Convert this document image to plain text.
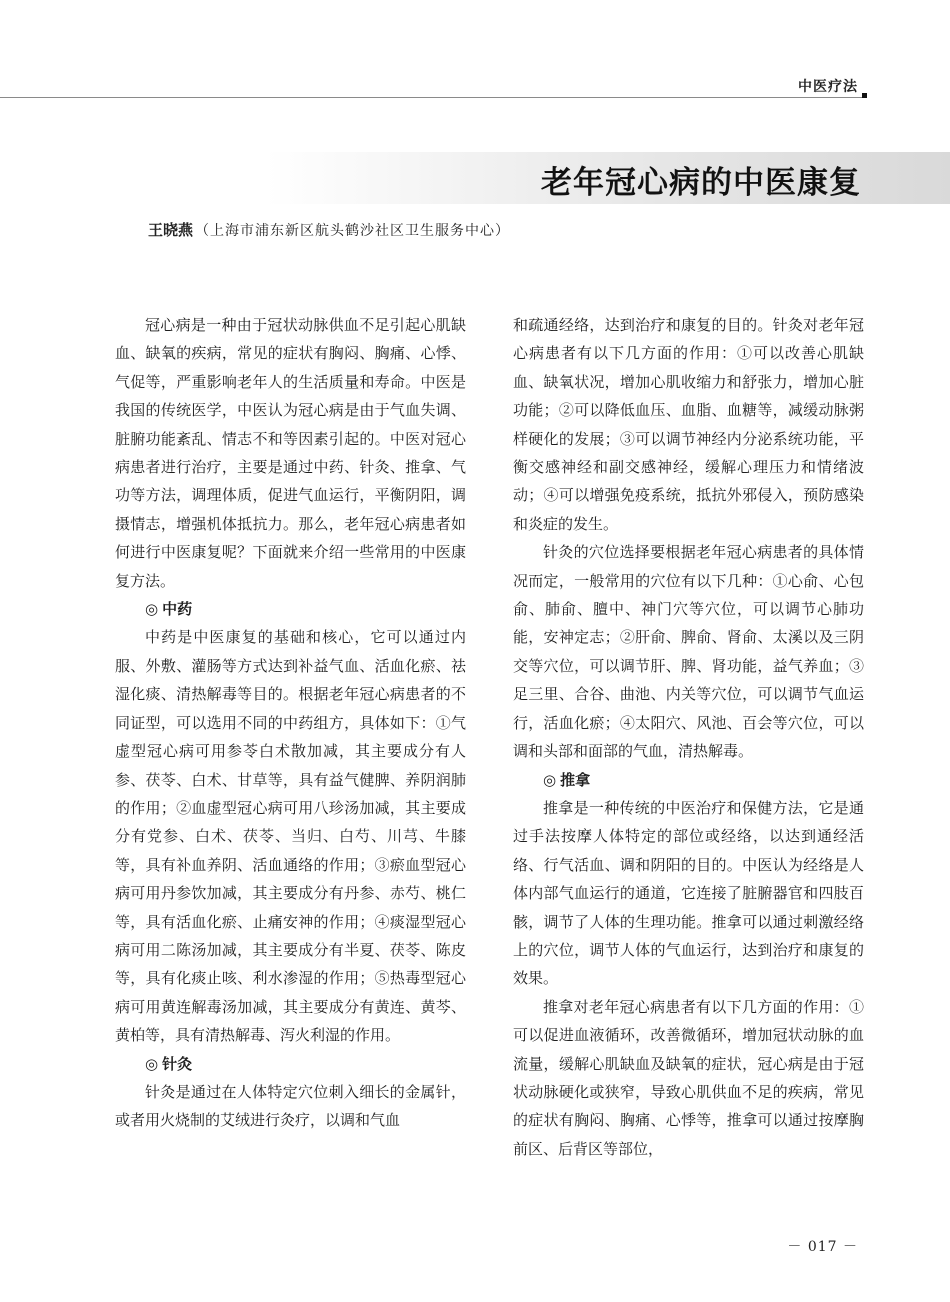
中医疗法
老年冠心病的中医康复
王晓燕 （上海市浦东新区航头鹤沙社区卫生服务中心）

冠心病是一种由于冠状动脉供血不足引起心肌缺血、缺氧的疾病，常见的症状有胸闷、胸痛、心悸、气促等，严重影响老年人的生活质量和寿命。中医是我国的传统医学，中医认为冠心病是由于气血失调、脏腑功能紊乱、情志不和等因素引起的。中医对冠心病患者进行治疗，主要是通过中药、针灸、推拿、气功等方法，调理体质，促进气血运行，平衡阴阳，调摄情志，增强机体抵抗力。那么，老年冠心病患者如何进行中医康复呢？下面就来介绍一些常用的中医康复方法。

◎ 中药

中药是中医康复的基础和核心，它可以通过内服、外敷、灌肠等方式达到补益气血、活血化瘀、祛湿化痰、清热解毒等目的。根据老年冠心病患者的不同证型，可以选用不同的中药组方，具体如下：①气虚型冠心病可用参苓白术散加减，其主要成分有人参、茯苓、白术、甘草等，具有益气健脾、养阴润肺的作用；②血虚型冠心病可用八珍汤加减，其主要成分有党参、白术、茯苓、当归、白芍、川芎、牛膝等，具有补血养阴、活血通络的作用；③瘀血型冠心病可用丹参饮加减，其主要成分有丹参、赤芍、桃仁等，具有活血化瘀、止痛安神的作用；④痰湿型冠心病可用二陈汤加减，其主要成分有半夏、茯苓、陈皮等，具有化痰止咳、利水渗湿的作用；⑤热毒型冠心病可用黄连解毒汤加减，其主要成分有黄连、黄芩、黄柏等，具有清热解毒、泻火利湿的作用。

◎ 针灸

针灸是通过在人体特定穴位刺入细长的金属针，或者用火烧制的艾绒进行灸疗，以调和气血

和疏通经络，达到治疗和康复的目的。针灸对老年冠心病患者有以下几方面的作用：①可以改善心肌缺血、缺氧状况，增加心肌收缩力和舒张力，增加心脏功能；②可以降低血压、血脂、血糖等，减缓动脉粥样硬化的发展；③可以调节神经内分泌系统功能，平衡交感神经和副交感神经，缓解心理压力和情绪波动；④可以增强免疫系统，抵抗外邪侵入，预防感染和炎症的发生。

针灸的穴位选择要根据老年冠心病患者的具体情况而定，一般常用的穴位有以下几种：①心俞、心包俞、肺俞、膻中、神门穴等穴位，可以调节心肺功能，安神定志；②肝俞、脾俞、肾俞、太溪以及三阴交等穴位，可以调节肝、脾、肾功能，益气养血；③足三里、合谷、曲池、内关等穴位，可以调节气血运行，活血化瘀；④太阳穴、风池、百会等穴位，可以调和头部和面部的气血，清热解毒。

◎ 推拿

推拿是一种传统的中医治疗和保健方法，它是通过手法按摩人体特定的部位或经络，以达到通经活络、行气活血、调和阴阳的目的。中医认为经络是人体内部气血运行的通道，它连接了脏腑器官和四肢百骸，调节了人体的生理功能。推拿可以通过刺激经络上的穴位，调节人体的气血运行，达到治疗和康复的效果。

推拿对老年冠心病患者有以下几方面的作用：①可以促进血液循环，改善微循环，增加冠状动脉的血流量，缓解心肌缺血及缺氧的症状，冠心病是由于冠状动脉硬化或狭窄，导致心肌供血不足的疾病，常见的症状有胸闷、胸痛、心悸等，推拿可以通过按摩胸前区、后背区等部位，

－ 017 －
